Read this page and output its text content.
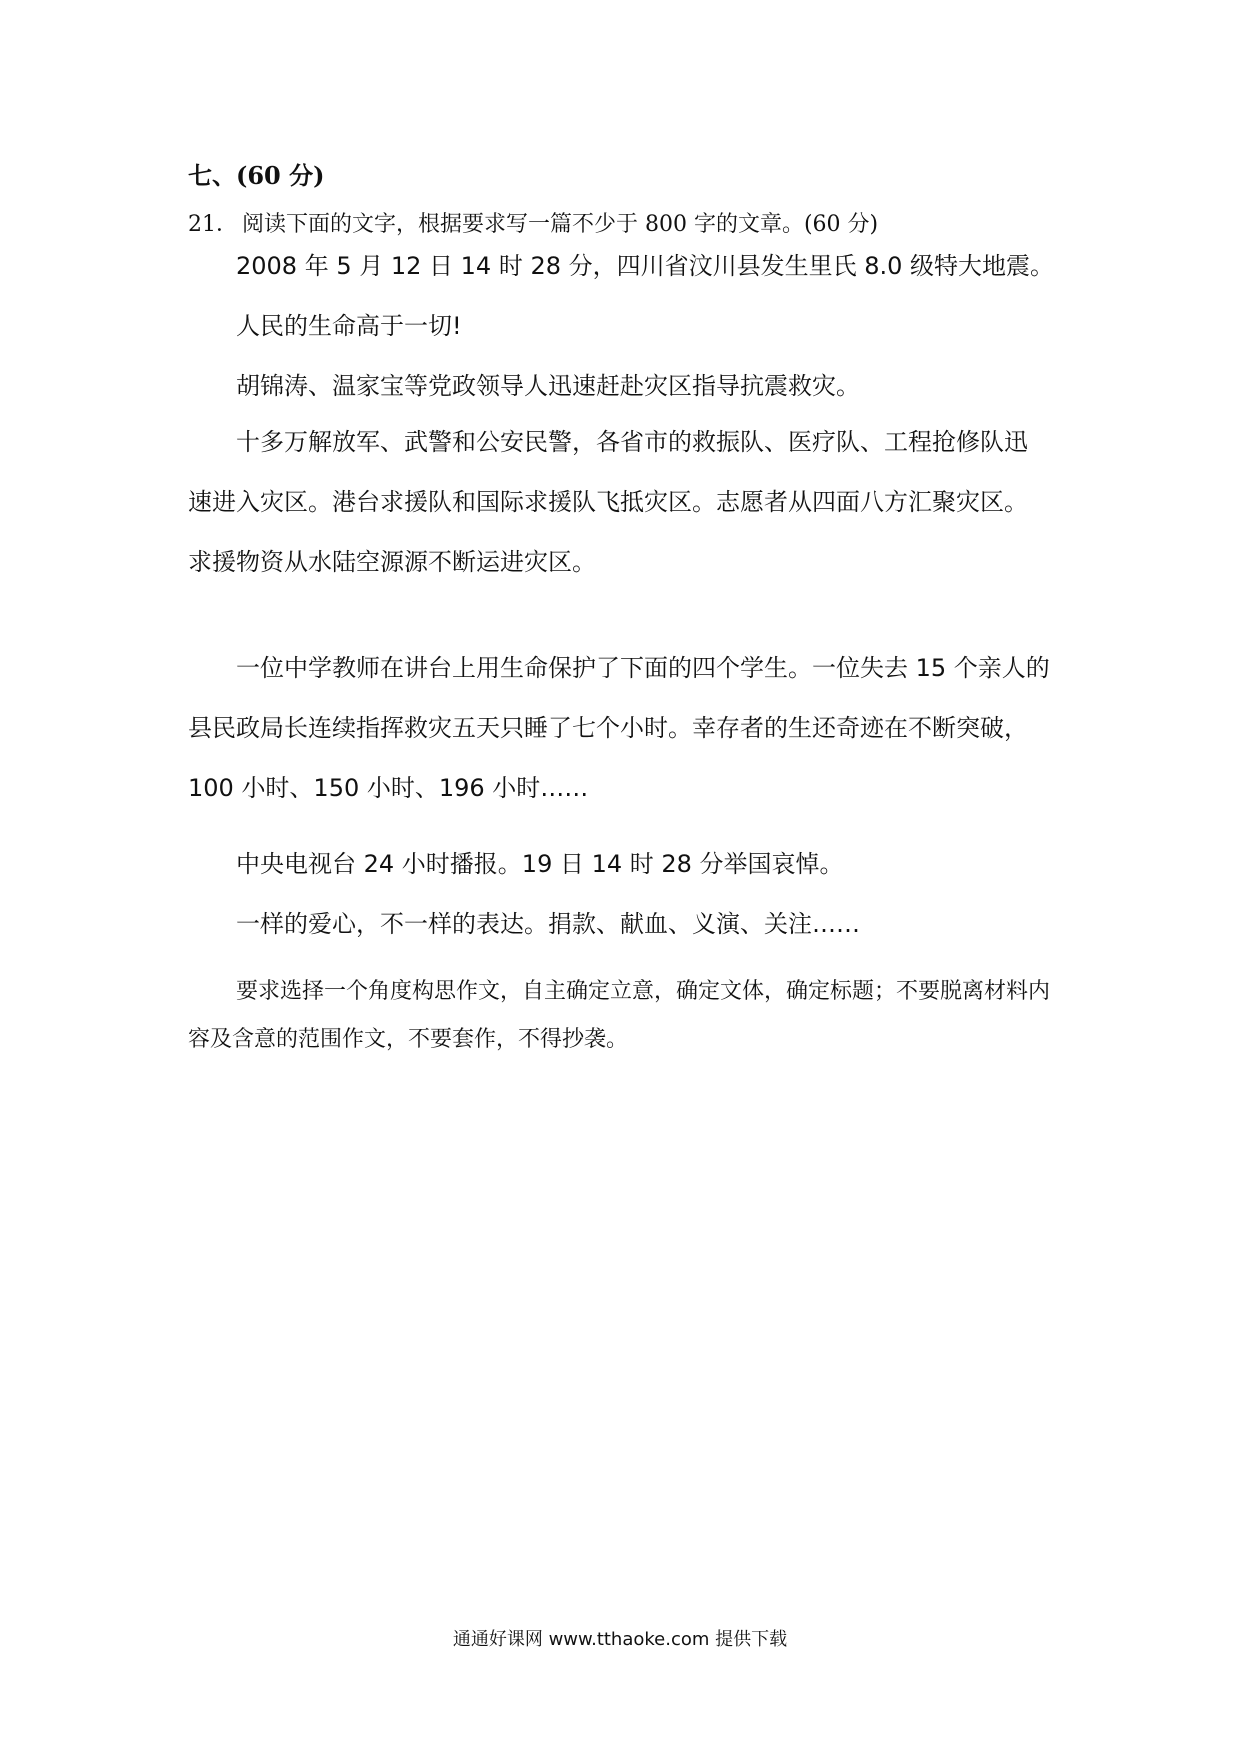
七、(60 分)
21． 阅读下面的文字，根据要求写一篇不少于 800 字的文章。(60 分)

2008 年 5 月 12 日 14 时 28 分，四川省汶川县发生里氏 8.0 级特大地震。

人民的生命高于一切!

胡锦涛、温家宝等党政领导人迅速赶赴灾区指导抗震救灾。

十多万解放军、武警和公安民警，各省市的救振队、医疗队、工程抢修队迅速进入灾区。港台求援队和国际求援队飞抵灾区。志愿者从四面八方汇聚灾区。求援物资从水陆空源源不断运进灾区。

一位中学教师在讲台上用生命保护了下面的四个学生。一位失去 15 个亲人的县民政局长连续指挥救灾五天只睡了七个小时。幸存者的生还奇迹在不断突破，100 小时、150 小时、196 小时……

中央电视台 24 小时播报。19 日 14 时 28 分举国哀悼。

一样的爱心，不一样的表达。捐款、献血、义演、关注……

要求选择一个角度构思作文，自主确定立意，确定文体，确定标题；不要脱离材料内容及含意的范围作文，不要套作，不得抄袭。

通通好课网 www.tthaoke.com 提供下载
